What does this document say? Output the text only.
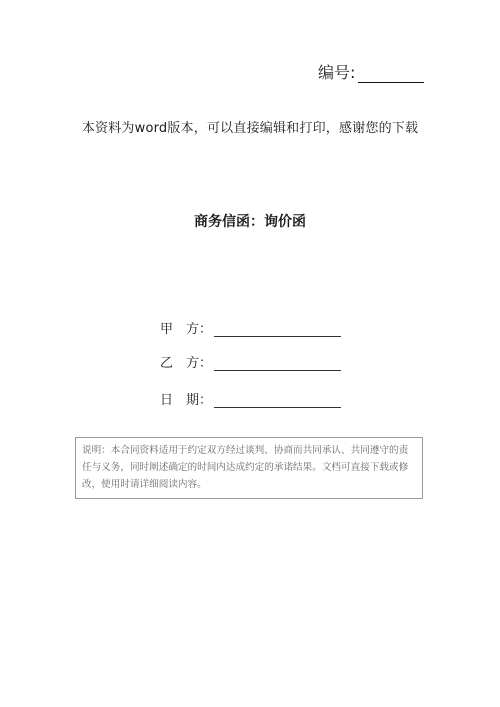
编号:
本资料为word版本，可以直接编辑和打印，感谢您的下载
商务信函：询价函
甲　方：
乙　方：
日　期：
说明：本合同资料适用于约定双方经过谈判、协商而共同承认、共同遵守的责任与义务，同时阐述确定的时间内达成约定的承诺结果。文档可直接下载或修改，使用时请详细阅读内容。
